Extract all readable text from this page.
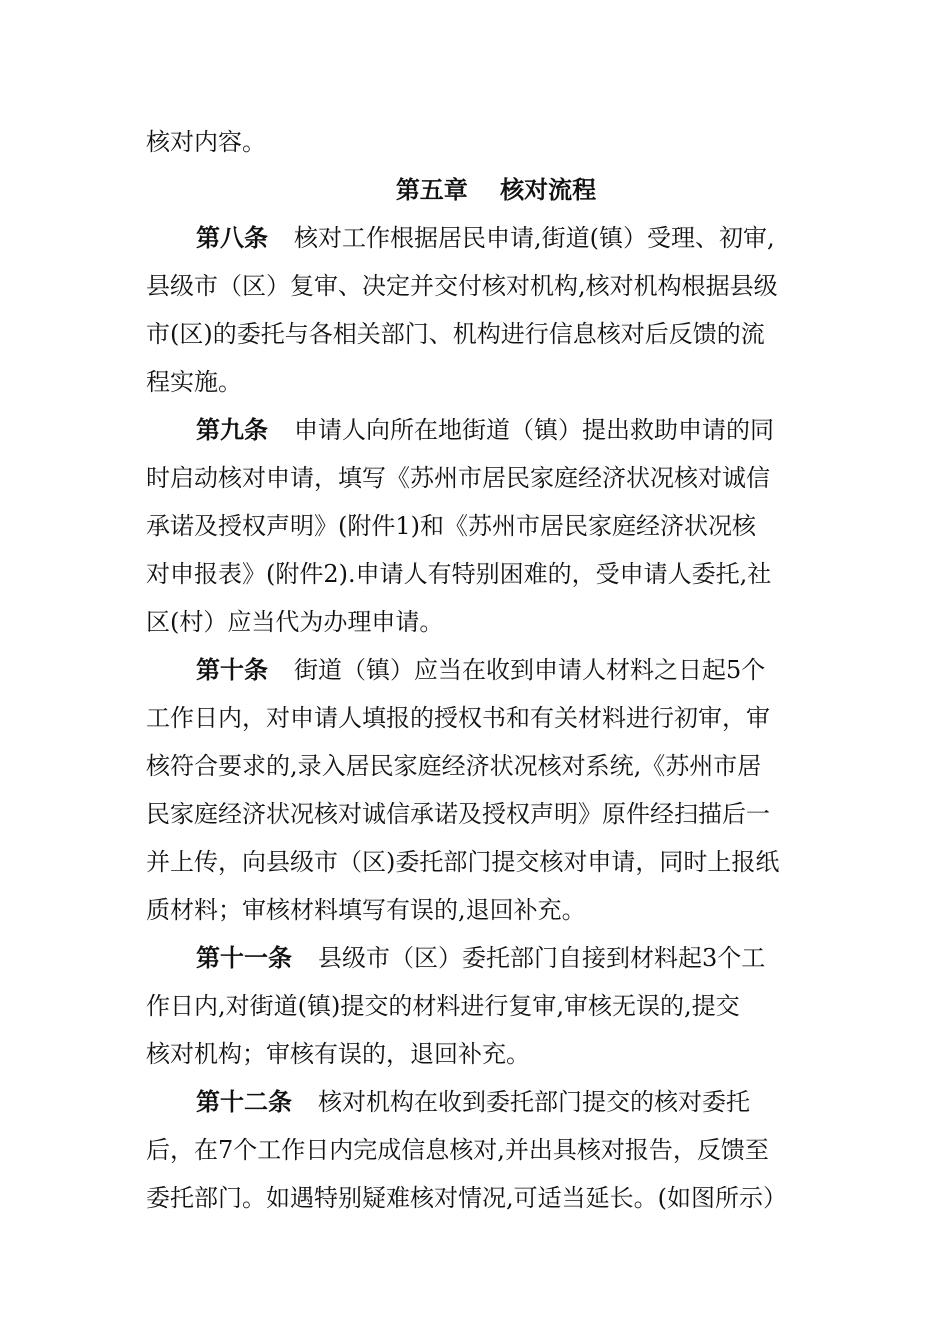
核对内容。

第五章　 核对流程

第八条 核对工作根据居民申请,街道(镇）受理、初审,

县级市（区）复审、决定并交付核对机构,核对机构根据县级

市(区)的委托与各相关部门、机构进行信息核对后反馈的流

程实施。

第九条 申请人向所在地街道（镇）提出救助申请的同

时启动核对申请，填写《苏州市居民家庭经济状况核对诚信

承诺及授权声明》(附件1)和《苏州市居民家庭经济状况核

对申报表》(附件2).申请人有特别困难的，受申请人委托,社

区(村）应当代为办理申请。

第十条 街道（镇）应当在收到申请人材料之日起5个

工作日内，对申请人填报的授权书和有关材料进行初审，审

核符合要求的,录入居民家庭经济状况核对系统,《苏州市居

民家庭经济状况核对诚信承诺及授权声明》原件经扫描后一

并上传，向县级市（区)委托部门提交核对申请，同时上报纸

质材料；审核材料填写有误的,退回补充。

第十一条 县级市（区）委托部门自接到材料起3个工

作日内,对街道(镇)提交的材料进行复审,审核无误的,提交

核对机构；审核有误的，退回补充。

第十二条 核对机构在收到委托部门提交的核对委托

后，在7个工作日内完成信息核对,并出具核对报告，反馈至

委托部门。如遇特别疑难核对情况,可适当延长。(如图所示）
